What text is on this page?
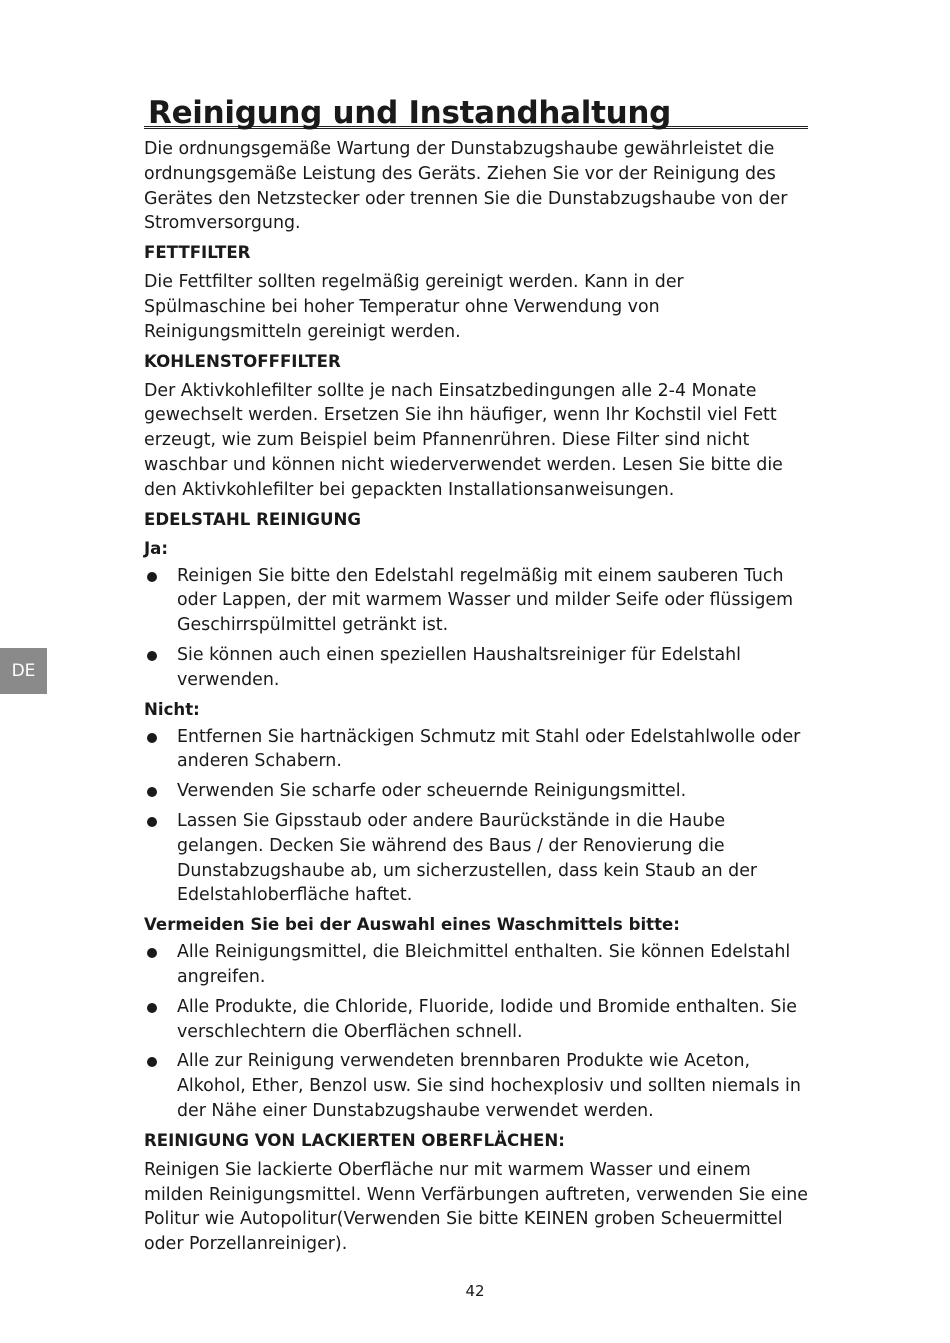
DE
Reinigung und Instandhaltung

Die ordnungsgemäße Wartung der Dunstabzugshaube gewährleistet die ordnungsgemäße Leistung des Geräts. Ziehen Sie vor der Reinigung des Gerätes den Netzstecker oder trennen Sie die Dunstabzugshaube von der Stromversorgung.

FETTFILTER

Die Fettfilter sollten regelmäßig gereinigt werden. Kann in der Spülmaschine bei hoher Temperatur ohne Verwendung von Reinigungsmitteln gereinigt werden.

KOHLENSTOFFFILTER

Der Aktivkohlefilter sollte je nach Einsatzbedingungen alle 2-4 Monate gewechselt werden. Ersetzen Sie ihn häufiger, wenn Ihr Kochstil viel Fett erzeugt, wie zum Beispiel beim Pfannenrühren. Diese Filter sind nicht waschbar und können nicht wiederverwendet werden. Lesen Sie bitte die den Aktivkohlefilter bei gepackten Installationsanweisungen.

EDELSTAHL REINIGUNG

Ja:

Reinigen Sie bitte den Edelstahl regelmäßig mit einem sauberen Tuch oder Lappen, der mit warmem Wasser und milder Seife oder flüssigem Geschirrspülmittel getränkt ist.
Sie können auch einen speziellen Haushaltsreiniger für Edelstahl verwenden.

Nicht:

Entfernen Sie hartnäckigen Schmutz mit Stahl oder Edelstahlwolle oder anderen Schabern.
Verwenden Sie scharfe oder scheuernde Reinigungsmittel.
Lassen Sie Gipsstaub oder andere Baurückstände in die Haube gelangen. Decken Sie während des Baus / der Renovierung die Dunstabzugshaube ab, um sicherzustellen, dass kein Staub an der Edelstahloberfläche haftet.

Vermeiden Sie bei der Auswahl eines Waschmittels bitte:

Alle Reinigungsmittel, die Bleichmittel enthalten. Sie können Edelstahl angreifen.
Alle Produkte, die Chloride, Fluoride, Iodide und Bromide enthalten. Sie verschlechtern die Oberflächen schnell.
Alle zur Reinigung verwendeten brennbaren Produkte wie Aceton, Alkohol, Ether, Benzol usw. Sie sind hochexplosiv und sollten niemals in der Nähe einer Dunstabzugshaube verwendet werden.

REINIGUNG VON LACKIERTEN OBERFLÄCHEN:

Reinigen Sie lackierte Oberfläche nur mit warmem Wasser und einem milden Reinigungsmittel. Wenn Verfärbungen auftreten, verwenden Sie eine Politur wie Autopolitur(Verwenden Sie bitte KEINEN groben Scheuermittel oder Porzellanreiniger).

42
